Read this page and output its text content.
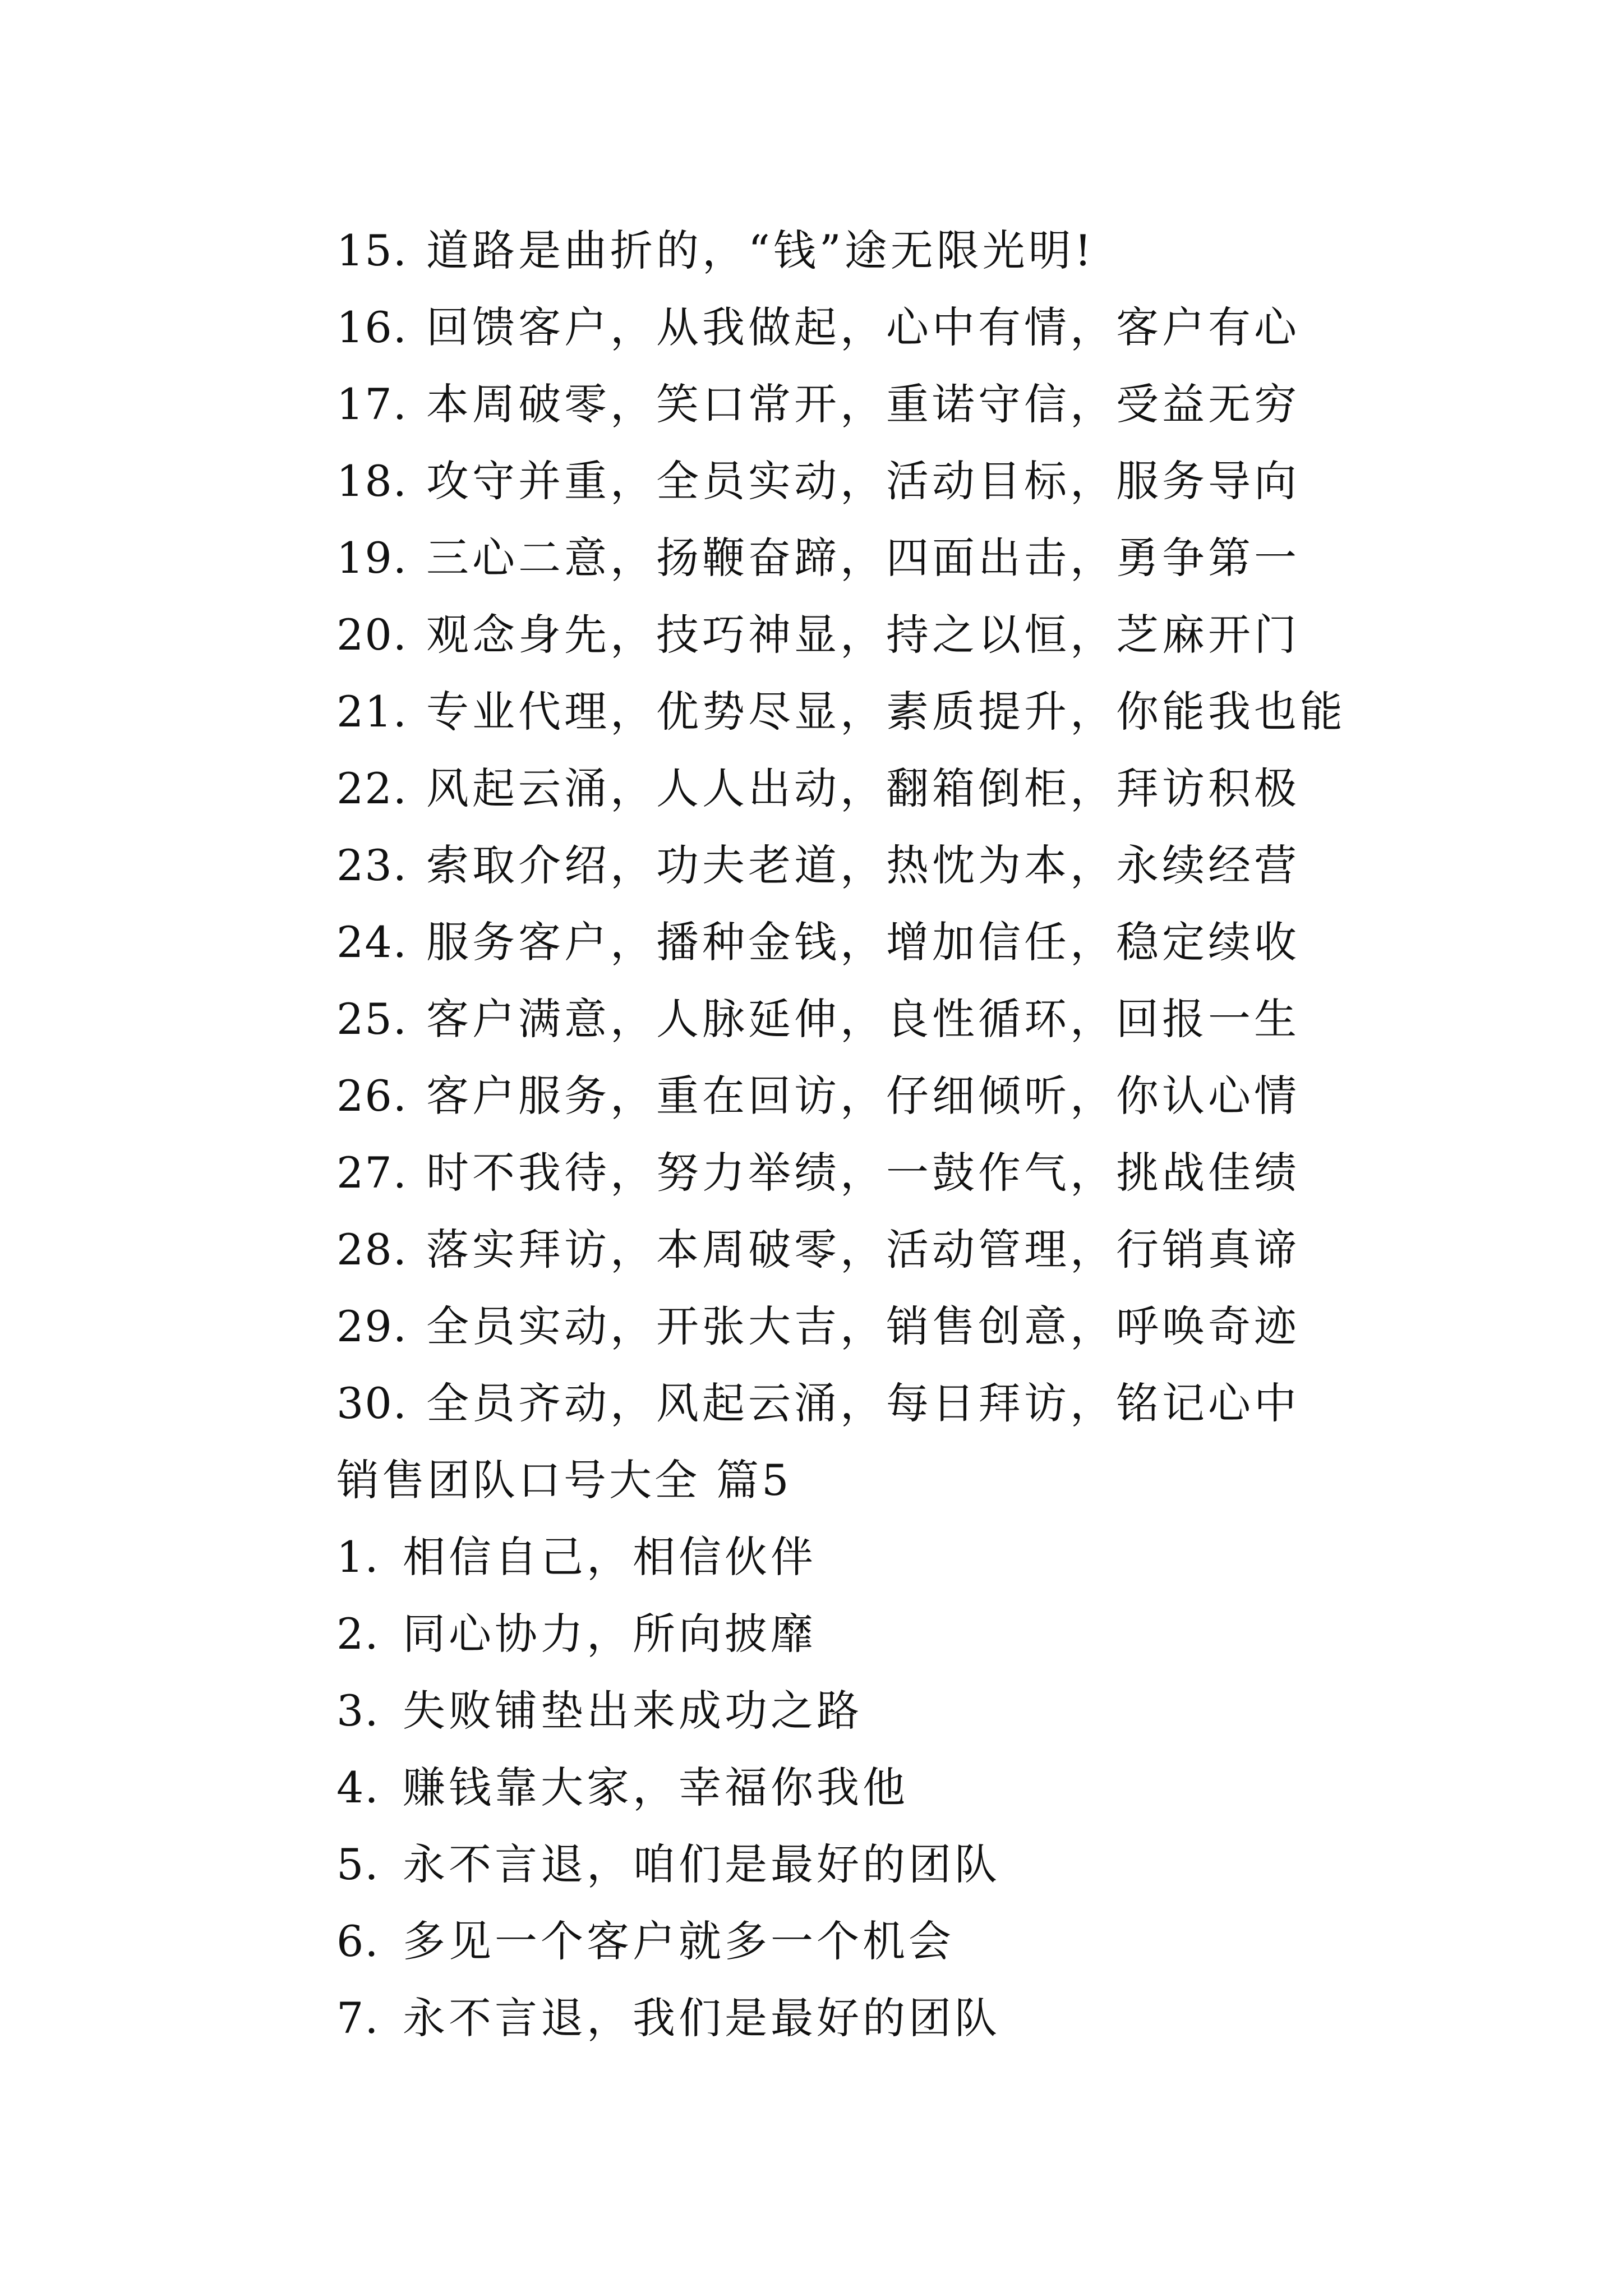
15. 道路是曲折的，“钱”途无限光明!
16. 回馈客户，从我做起，心中有情，客户有心
17. 本周破零，笑口常开，重诺守信，受益无穷
18. 攻守并重，全员实动，活动目标，服务导向
19. 三心二意，扬鞭奋蹄，四面出击，勇争第一
20. 观念身先，技巧神显，持之以恒，芝麻开门
21. 专业代理，优势尽显，素质提升，你能我也能
22. 风起云涌，人人出动，翻箱倒柜，拜访积极
23. 索取介绍，功夫老道，热忱为本，永续经营
24. 服务客户，播种金钱，增加信任，稳定续收
25. 客户满意，人脉延伸，良性循环，回报一生
26. 客户服务，重在回访，仔细倾听，你认心情
27. 时不我待，努力举绩，一鼓作气，挑战佳绩
28. 落实拜访，本周破零，活动管理，行销真谛
29. 全员实动，开张大吉，销售创意，呼唤奇迹
30. 全员齐动，风起云涌，每日拜访，铭记心中
销售团队口号大全 篇5
1. 相信自己，相信伙伴
2. 同心协力，所向披靡
3. 失败铺垫出来成功之路
4. 赚钱靠大家，幸福你我他
5. 永不言退，咱们是最好的团队
6. 多见一个客户就多一个机会
7. 永不言退，我们是最好的团队
